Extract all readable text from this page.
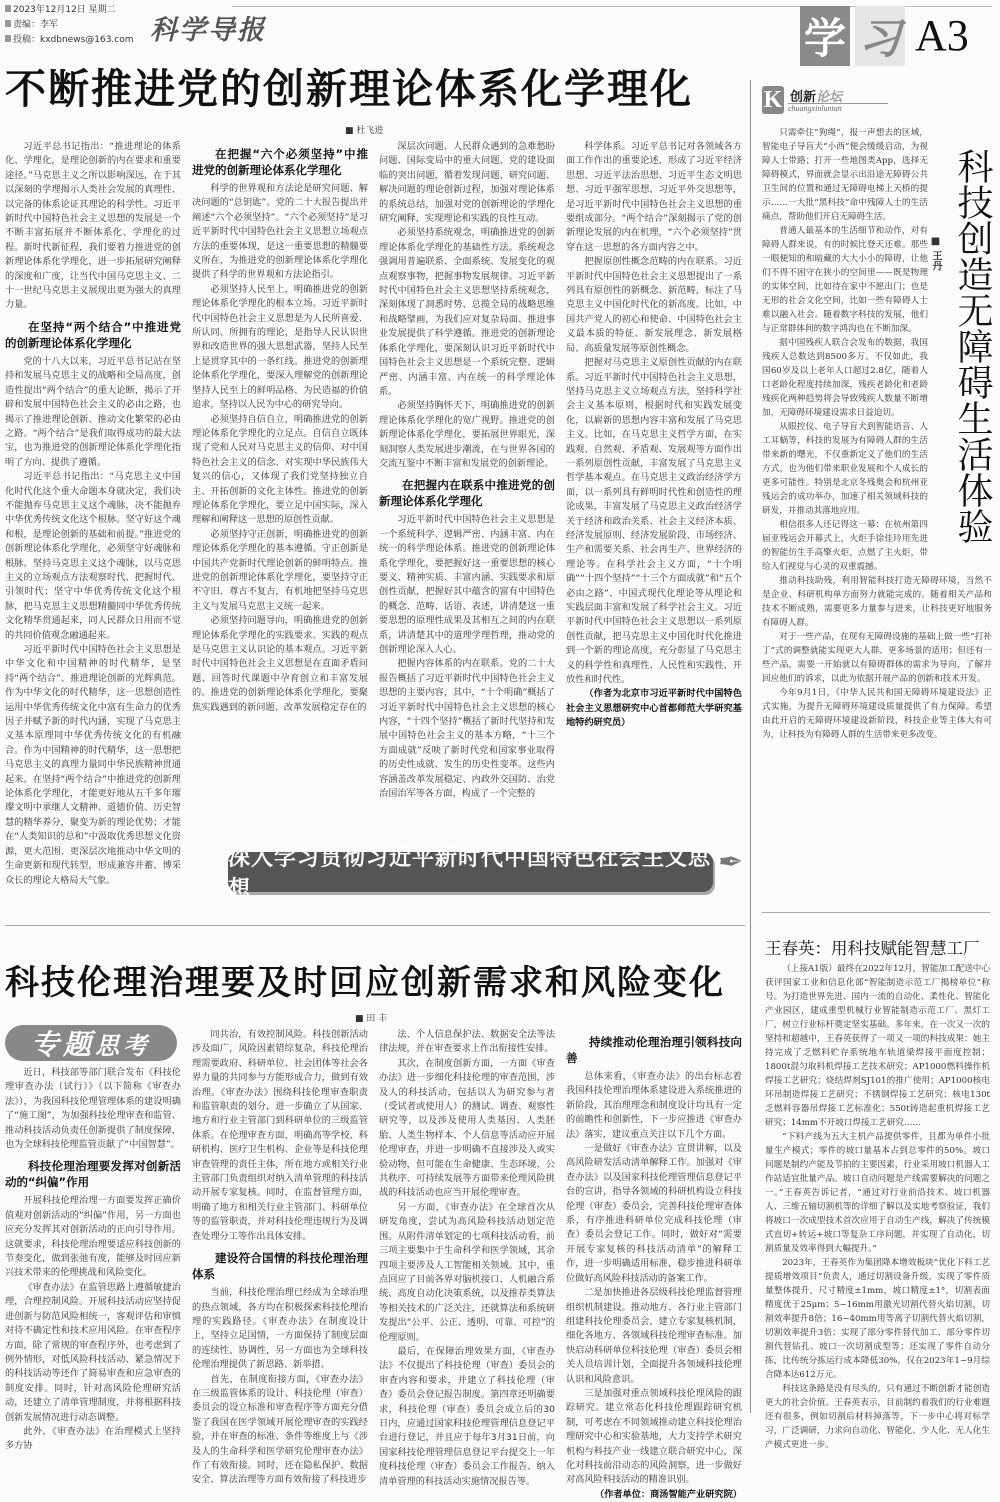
2023年12月12日 星期二
责编：李军
投稿：kxdbnews@163.com 科学导报	学 习 A3
不断推进党的创新理论体系化学理化
■ 杜飞进

习近平总书记指出：“推进理论的体系化、学理化，是理论创新的内在要求和重要途径。”马克思主义之所以影响深远，在于其以深刻的学理揭示人类社会发展的真理性、以完备的体系论证其理论的科学性。习近平新时代中国特色社会主义思想的发展是一个不断丰富拓展并不断体系化、学理化的过程。新时代新征程，我们要着力推进党的创新理论体系化学理化，进一步拓展研究阐释的深度和广度，让当代中国马克思主义、二十一世纪马克思主义展现出更为强大的真理力量。

在坚持“两个结合”中推进党的创新理论体系化学理化

党的十八大以来，习近平总书记站在坚持和发展马克思主义的战略和全局高度，创造性提出“两个结合”的重大论断，揭示了开辟和发展中国特色社会主义的必由之路，也揭示了推进理论创新、推动文化繁荣的必由之路。“两个结合”是我们取得成功的最大法宝，也为推进党的创新理论体系化学理化指明了方向、提供了遵循。

习近平总书记指出：“马克思主义中国化时代化这个重大命题本身就决定，我们决不能抛弃马克思主义这个魂脉，决不能抛弃中华优秀传统文化这个根脉。坚守好这个魂和根，是理论创新的基础和前提。”推进党的创新理论体系化学理化，必须坚守好魂脉和根脉。坚持马克思主义这个魂脉，以马克思主义的立场观点方法观察时代、把握时代、引领时代；坚守中华优秀传统文化这个根脉，把马克思主义思想精髓同中华优秀传统文化精华贯通起来，同人民群众日用而不觉的共同价值观念融通起来。

习近平新时代中国特色社会主义思想是中华文化和中国精神的时代精华，是坚持“两个结合”、推进理论创新的光辉典范。作为中华文化的时代精华，这一思想创造性运用中华优秀传统文化中富有生命力的优秀因子并赋予新的时代内涵，实现了马克思主义基本原理同中华优秀传统文化的有机融合。作为中国精神的时代精华，这一思想把马克思主义的真理力量同中华民族精神贯通起来。在坚持“两个结合”中推进党的创新理论体系化学理化，才能更好地从五千多年璀璨文明中承继人文精神、道德价值、历史智慧的精华养分，聚变为新的理论优势；才能在“人类知识的总和”中汲取优秀思想文化资源，更大范围、更深层次地推动中华文明的生命更新和现代转型，形成兼容并蓄、博采众长的理论大格局大气象。

在把握“六个必须坚持”中推进党的创新理论体系化学理化

科学的世界观和方法论是研究问题、解决问题的“总钥匙”。党的二十大报告提出并阐述“六个必须坚持”。“六个必须坚持”是习近平新时代中国特色社会主义思想立场观点方法的重要体现，是这一重要思想的精髓要义所在，为推进党的创新理论体系化学理化提供了科学的世界观和方法论指引。

必须坚持人民至上，明确推进党的创新理论体系化学理化的根本立场。习近平新时代中国特色社会主义思想是为人民所喜爱、所认同、所拥有的理论，是指导人民认识世界和改造世界的强大思想武器，坚持人民至上是贯穿其中的一条红线。推进党的创新理论体系化学理化，要深入理解党的创新理论坚持人民至上的鲜明品格、为民造福的价值追求，坚持以人民为中心的研究导向。

必须坚持自信自立，明确推进党的创新理论体系化学理化的立足点。自信自立既体现了党和人民对马克思主义的信仰、对中国特色社会主义的信念、对实现中华民族伟大复兴的信心，又体现了我们党坚持独立自主、开拓创新的文化主体性。推进党的创新理论体系化学理化，要立足中国实际，深入理解和阐释这一思想的原创性贡献。

必须坚持守正创新，明确推进党的创新理论体系化学理化的基本遵循。守正创新是中国共产党新时代理论创新的鲜明特点。推进党的创新理论体系化学理化，要坚持守正不守旧、尊古不复古，有机地把坚持马克思主义与发展马克思主义统一起来。

必须坚持问题导向，明确推进党的创新理论体系化学理化的实践要求。实践的观点是马克思主义认识论的基本观点。习近平新时代中国特色社会主义思想是在直面矛盾问题、回答时代课题中孕育创立和丰富发展的。推进党的创新理论体系化学理化，要聚焦实践遇到的新问题、改革发展稳定存在的

深层次问题、人民群众遇到的急难愁盼问题、国际变局中的重大问题、党的建设面临的突出问题，循着发现问题、研究问题、解决问题的理论创新过程，加强对理论体系的系统总结，加强对党的创新理论的学理化研究阐释，实现理论和实践的良性互动。

必须坚持系统观念，明确推进党的创新理论体系化学理化的基础性方法。系统观念强调用普遍联系、全面系统、发展变化的观点观察事物，把握事物发展规律。习近平新时代中国特色社会主义思想坚持系统观念，深刻体现了洞悉时势、总揽全局的战略思维和战略擘画，为我们应对复杂局面、推进事业发展提供了科学遵循。推进党的创新理论体系化学理化，要深刻认识习近平新时代中国特色社会主义思想是一个系统完整、逻辑严密、内涵丰富、内在统一的科学理论体系。

必须坚持胸怀天下，明确推进党的创新理论体系化学理化的宽广视野。推进党的创新理论体系化学理化，要拓展世界眼光，深刻洞察人类发展进步潮流，在与世界各国的交流互鉴中不断丰富和发展党的创新理论。

在把握内在联系中推进党的创新理论体系化学理化

习近平新时代中国特色社会主义思想是一个系统科学、逻辑严密、内涵丰富、内在统一的科学理论体系。推进党的创新理论体系化学理化，要把握好这一重要思想的核心要义、精神实质、丰富内涵、实践要求和原创性贡献，把握好其中蕴含的富有中国特色的概念、范畴、话语、表述，讲清楚这一重要思想的原理性成果及其相互之间的内在联系，讲清楚其中的道理学理哲理，推动党的创新理论深入人心。

把握内容体系的内在联系。党的二十大报告概括了习近平新时代中国特色社会主义思想的主要内容，其中，“十个明确”概括了习近平新时代中国特色社会主义思想的核心内容，“十四个坚持”概括了新时代坚持和发展中国特色社会主义的基本方略，“十三个方面成就”反映了新时代党和国家事业取得的历史性成就、发生的历史性变革。这些内容涵盖改革发展稳定、内政外交国防、治党治国治军等各方面，构成了一个完整的

科学体系。习近平总书记对各领域各方面工作作出的重要论述，形成了习近平经济思想、习近平法治思想、习近平生态文明思想、习近平强军思想、习近平外交思想等，是习近平新时代中国特色社会主义思想的重要组成部分。“两个结合”深刻揭示了党的创新理论发展的内在机理，“六个必须坚持”贯穿在这一思想的各方面内容之中。

把握原创性概念范畴的内在联系。习近平新时代中国特色社会主义思想提出了一系列具有原创性的新概念、新范畴，标注了马克思主义中国化时代化的新高度。比如，中国共产党人的初心和使命、中国特色社会主义最本质的特征、新发展理念、新发展格局、高质量发展等原创性概念。

把握对马克思主义原创性贡献的内在联系。习近平新时代中国特色社会主义思想，坚持马克思主义立场观点方法，坚持科学社会主义基本原则，根据时代和实践发展变化，以崭新的思想内容丰富和发展了马克思主义。比如，在马克思主义哲学方面，在实践观、自然观、矛盾观、发展观等方面作出一系列原创性贡献，丰富发展了马克思主义哲学基本观点。在马克思主义政治经济学方面，以一系列具有鲜明时代性和创造性的理论成果，丰富发展了马克思主义政治经济学关于经济和政治关系、社会主义经济本质、经济发展原则、经济发展阶段、市场经济、生产和需要关系、社会再生产、世界经济的理论等。在科学社会主义方面，“十个明确”“十四个坚持”“十三个方面成就”和“五个必由之路”、中国式现代化理论等从理论和实践层面丰富和发展了科学社会主义。习近平新时代中国特色社会主义思想以一系列原创性贡献，把马克思主义中国化时代化推进到一个新的理论高度，充分彰显了马克思主义的科学性和真理性、人民性和实践性、开放性和时代性。

（作者为北京市习近平新时代中国特色社会主义思想研究中心首都师范大学研究基地特约研究员）

深入学习贯彻习近平新时代中国特色社会主义思想
✒
K 创新论坛
chuangxinluntan
科技创造无障碍生活体验
■ 王丹

只需牵住“狗绳”，报一声想去的区域，智能电子导盲犬“小西”便会缓缓启动，为视障人士带路；打开一些地图类App，选择无障碍模式，界面就会显示出沿途无障碍公共卫生间的位置和通过无障碍电梯上天桥的提示……一大批“黑科技”命中残障人士的生活痛点，帮助他们开启无障碍生活。

普通人最基本的生活细节和动作，对有障碍人群来说，有的时候比登天还难。那些一眼便知的和暗藏的大大小小的障碍，让他们不得不困守在狭小的空间里——既是物理的实体空间，比如待在家中不愿出门；也是无形的社会文化空间，比如一些有障碍人士难以融入社会。随着数字科技的发展，他们与正常群体间的数字鸿沟也在不断加深。

据中国残疾人联合会发布的数据，我国残疾人总数达到8500多万。不仅如此，我国60岁及以上老年人口超过2.8亿，随着人口老龄化程度持续加深，残疾老龄化和老龄残疾化两种趋势将会导致残疾人数量不断增加，无障碍环境建设需求日益迫切。

从眼控仪、电子导盲犬到智能语音、人工耳蜗等，科技的发展为有障碍人群的生活带来新的曙光，不仅重新定义了他们的生活方式，也为他们带来职业发展和个人成长的更多可能性。特别是北京冬残奥会和杭州亚残运会的成功举办，加速了相关领域科技的研发，并推动其落地应用。

相信很多人还记得这一幕：在杭州第四届亚残运会开幕式上，火炬手徐佳玲用先进的智能仿生手高擎火炬，点燃了主火炬，带给人们视觉与心灵的双重震撼。

推动科技助残，利用智能科技打造无障碍环境，当然不是企业、科研机构单方面努力就能完成的。随着相关产品和技术不断成熟，需要更多力量参与进来，让科技更好地服务有障碍人群。

对于一些产品，在现有无障碍设施的基础上做一些“打补丁”式的调整就能实现更大人群、更多场景的适用；但还有一些产品，需要一开始就以有障碍群体的需求为导向，了解并回应他们的诉求，以此为依据开展产品的创新和技术开发。

今年9月1日，《中华人民共和国无障碍环境建设法》正式实施，为提升无障碍环境建设质量提供了有力保障。希望由此开启的无障碍环境建设新阶段，科技企业等主体大有可为，让科技为有障碍人群的生活带来更多改变。

科技伦理治理要及时回应创新需求和风险变化
■ 田 丰
专题 思考

近日，科技部等部门联合发布《科技伦理审查办法（试行）》（以下简称《审查办法》），为我国科技伦理管理体系的建设明确了“施工图”，为加强科技伦理审查和监管、推动科技活动负责任创新提供了制度保障，也为全球科技伦理监管贡献了“中国智慧”。

科技伦理治理要发挥对创新活动的“纠偏”作用

开展科技伦理治理一方面要发挥正确价值观对创新活动的“纠偏”作用，另一方面也应充分发挥其对创新活动的正向引导作用。这就要求，科技伦理治理要适应科技创新的节奏变化，做到张弛有度，能够及时回应新兴技术带来的伦理挑战和风险变化。

《审查办法》在监管思路上遵循敏捷治理，合理控制风险。开展科技活动应坚持促进创新与防范风险相统一，客观评估和审慎对待不确定性和技术应用风险。在审查程序方面，除了常规的审查程序外，也考虑到了例外情形，对低风险科技活动、紧急情况下的科技活动等还作了简易审查和应急审查的制度安排。同时，针对高风险伦理研究活动，还建立了清单管理制度，并将根据科技创新发展情况进行动态调整。

此外，《审查办法》在治理模式上坚持多方协

同共治，有效控制风险。科技创新活动涉及面广，风险因素错综复杂，科技伦理治理需要政府、科研单位、社会团体等社会各界力量的共同参与方能形成合力，做到有效治理。《审查办法》围绕科技伦理审查职责和监管职责的划分，进一步确立了从国家、地方和行业主管部门到科研单位的三级监管体系。在伦理审查方面，明确高等学校、科研机构、医疗卫生机构、企业等是科技伦理审查管理的责任主体，所在地方或相关行业主管部门负责组织对纳入清单管理的科技活动开展专家复核。同时，在监督管理方面，明确了地方和相关行业主管部门、科研单位等的监管职责，并对科技伦理违规行为及调查处理分工等作出具体安排。

建设符合国情的科技伦理治理体系

当前，科技伦理治理已经成为全球治理的热点领域，各方均在积极探索科技伦理治理的实践路径。《审查办法》在制度设计上，坚持立足国情，一方面保持了制度层面的连续性、协调性，另一方面也为全球科技伦理治理提供了新思路、新举措。

首先，在制度衔接方面，《审查办法》在三级监管体系的设计、科技伦理（审查）委员会的设立标准和审查程序等方面充分借鉴了我国在医学领域开展伦理审查的实践经验，并在审查的标准、条件等维度上与《涉及人的生命科学和医学研究伦理审查办法》作了有效衔接。同时，还在隐私保护、数据安全、算法治理等方面有效衔接了科技进步

法、个人信息保护法、数据安全法等法律法规，并在审查要求上作出衔接性安排。

其次，在制度创新方面，一方面《审查办法》进一步细化科技伦理的审查范围，涉及人的科技活动，包括以人为研究参与者（受试者或使用人）的测试、调查、观察性研究等，以及涉及使用人类基因、人类胚胎、人类生物样本、个人信息等活动应开展伦理审查，并进一步明确不直接涉及人或实验动物，但可能在生命健康、生态环境、公共秩序、可持续发展等方面带来伦理风险挑战的科技活动也应当开展伦理审查。

另一方面，《审查办法》在全球首次从研发角度，尝试为高风险科技活动划定范围。从附件清单划定的七项科技活动看，前三项主要集中于生命科学和医学领域，其余四项主要涉及人工智能相关领域。其中，重点回应了目前各界对脑机接口、人机融合系统、高度自动化决策系统，以及推荐类算法等相关技术的广泛关注，还就算法和系统研发提出“公平、公正、透明、可靠、可控”的伦理原则。

最后，在保障治理效果方面，《审查办法》不仅提出了科技伦理（审查）委员会的审查内容和要求，并建立了科技伦理（审查）委员会登记报告制度。第四章还明确要求，科技伦理（审查）委员会成立后的30日内，应通过国家科技伦理管理信息登记平台进行登记，并且应于每年3月31日前，向国家科技伦理管理信息登记平台提交上一年度科技伦理（审查）委员会工作报告、纳入清单管理的科技活动实施情况报告等。

持续推动伦理治理引领科技向善

总体来看，《审查办法》的出台标志着我国科技伦理治理体系建设进入系统推进的新阶段，其治理理念和制度设计均具有一定的前瞻性和创新性，下一步应推进《审查办法》落实，建议重点关注以下几个方面。

一是做好《审查办法》宣贯讲解，以及高风险研发活动清单解释工作。加强对《审查办法》以及国家科技伦理管理信息登记平台的宣讲，指导各领域的科研机构设立科技伦理（审查）委员会，完善科技伦理审查体系，有序推进科研单位完成科技伦理（审查）委员会登记工作。同时，做好对“需要开展专家复核的科技活动清单”的解释工作，进一步明确适用标准，稳步推进科研单位做好高风险科技活动的备案工作。

二是加快推进各层级科技伦理监督管理组织机制建设。推动地方、各行业主管部门组建科技伦理委员会，建立专家复核机制，细化各地方、各领域科技伦理审查标准。加快启动科研单位科技伦理（审查）委员会相关人员培训计划，全面提升各领域科技伦理认识和风险意识。

三是加强对重点领域科技伦理风险的跟踪研究。建立常态化科技伦理跟踪研究机制，可考虑在不同领域推动建立科技伦理治理研究中心和实验基地，大力支持学术研究机构与科技产业一线建立联合研究中心，深化对科技前沿动态的风险洞察，进一步做好对高风险科技活动的精准识别。

（作者单位：商汤智能产业研究院）

王春英：用科技赋能智慧工厂

（上接A1版）最终在2022年12月，智能加工配送中心获评国家工业和信息化部“智能制造示范工厂揭榜单位”称号。为打造世界先进、国内一流的自动化、柔性化、智能化产业园区，建成重型机械行业智能制造示范工厂、黑灯工厂，树立行业标杆奠定坚实基础。多年来，在一次又一次的坚持和超越中，王春英获得了一项又一项的科技成果：她主持完成了乏燃料贮存系统地车轨道梁焊接平面度控制；1800t混匀取料机焊接工艺技术研究；AP1000燃料操作机焊接工艺研究；烧结焊剂SJ101的推广使用；AP1000核电环吊制造焊接工艺研究；不锈钢焊接工艺研究；核电130t乏燃料容器吊焊接工艺标准化；550t铸造起重机焊接工艺研究；14mm不开坡口焊接工艺研究……

“下料产线为五大主机产品提供零件，且都为单件小批量生产模式；零件的坡口量基本占到总零件的50%。坡口问题是制约产能及节拍的主要因素，行业采用坡口机器人工作站适宜批量产品。坡口自动问题是产线需要解决的问题之一。”王春英告诉记者，“通过对行业前沿技术、坡口机器人、三维五轴切割机等的详细了解以及实地考察验证，我们将坡口一次成型技术首次应用于自动生产线，解决了传统模式直切+转运+坡口等复杂工序问题，并实现了自动化，切割质量及效率得到大幅提升。”

2023年，王春英作为集团降本增效板块“优化下料工艺提质增效项目”负责人，通过切割设备升级，实现了零件质量整体提升，尺寸精度±1mm，坡口精度±1°，切割表面精度优于25μm；5~16mm用激光切割代替火焰切割，切割效率提升8倍；16~40mm用等离子切割代替火焰切割，切割效率提升3倍；实现了部分零件替代加工、部分零件切割代替钻孔、坡口一次切割成型等；还实现了零件自动分拣，比传统分拣运行成本降低30%，仅在2023年1~9月综合降本达612万元。

科技这条路是没有尽头的，只有通过不断创新才能创造更大的社会价值。王春英表示，目前制约着我们的行业难题还有很多，例如切割后材料掉落等，下一步中心将对标学习，广泛调研，力求向自动化、智能化、少人化、无人化生产模式更进一步。
